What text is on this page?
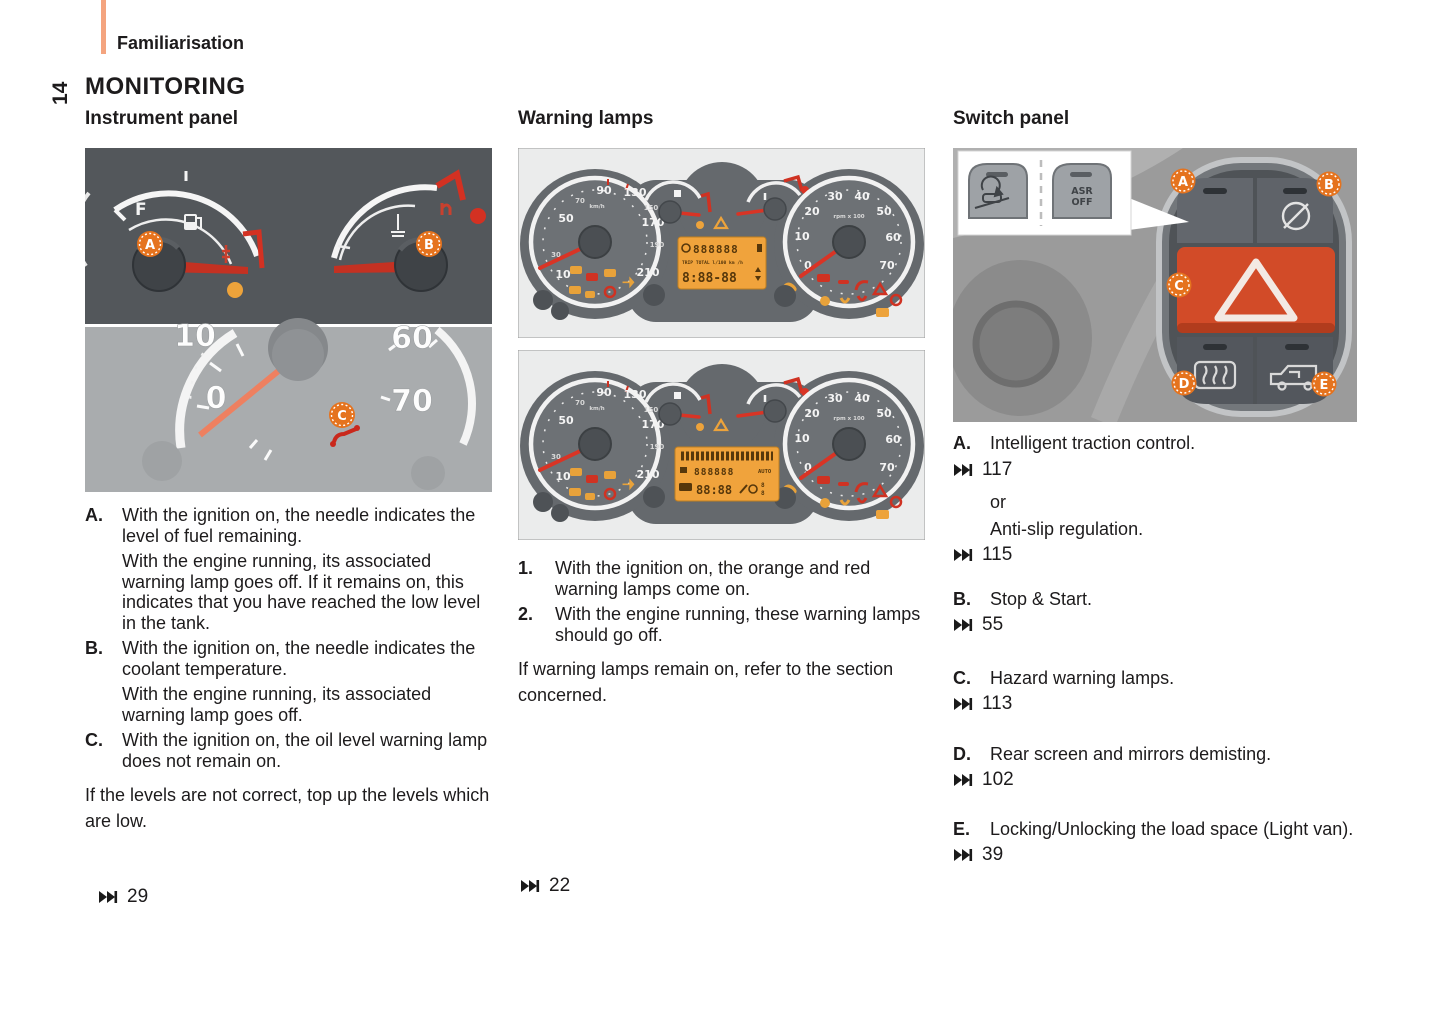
Familiarisation
14 MONITORING
Instrument panel
F
A	B
10
0
60
70
C
A.	With the ignition on, the needle indicates the level of fuel remaining.
With the engine running, its associated warning lamp goes off. If it remains on, this indicates that you have reached the low level in the tank.
B.	With the ignition on, the needle indicates the coolant temperature.
With the engine running, its associated warning lamp goes off.
C.	With the ignition on, the oil level warning lamp does not remain on.
If the levels are not correct, top up the levels which are low.
29
Warning lamps
888888
TRIP TOTAL l/100 km /h
8:88-88
888888	AUTO
88:88	8
8
1.	With the ignition on, the orange and red warning lamps come on.
2.	With the engine running, these warning lamps should go off.
If warning lamps remain on, refer to the section concerned.
22
Switch panel
ASR
OFF
A	B
C
D	E
A.	Intelligent traction control.
117
or
Anti-slip regulation.
115
B.	Stop & Start.
55
C.	Hazard warning lamps.
113
D.	Rear screen and mirrors demisting.
102
E.	Locking/Unlocking the load space (Light van).
39
